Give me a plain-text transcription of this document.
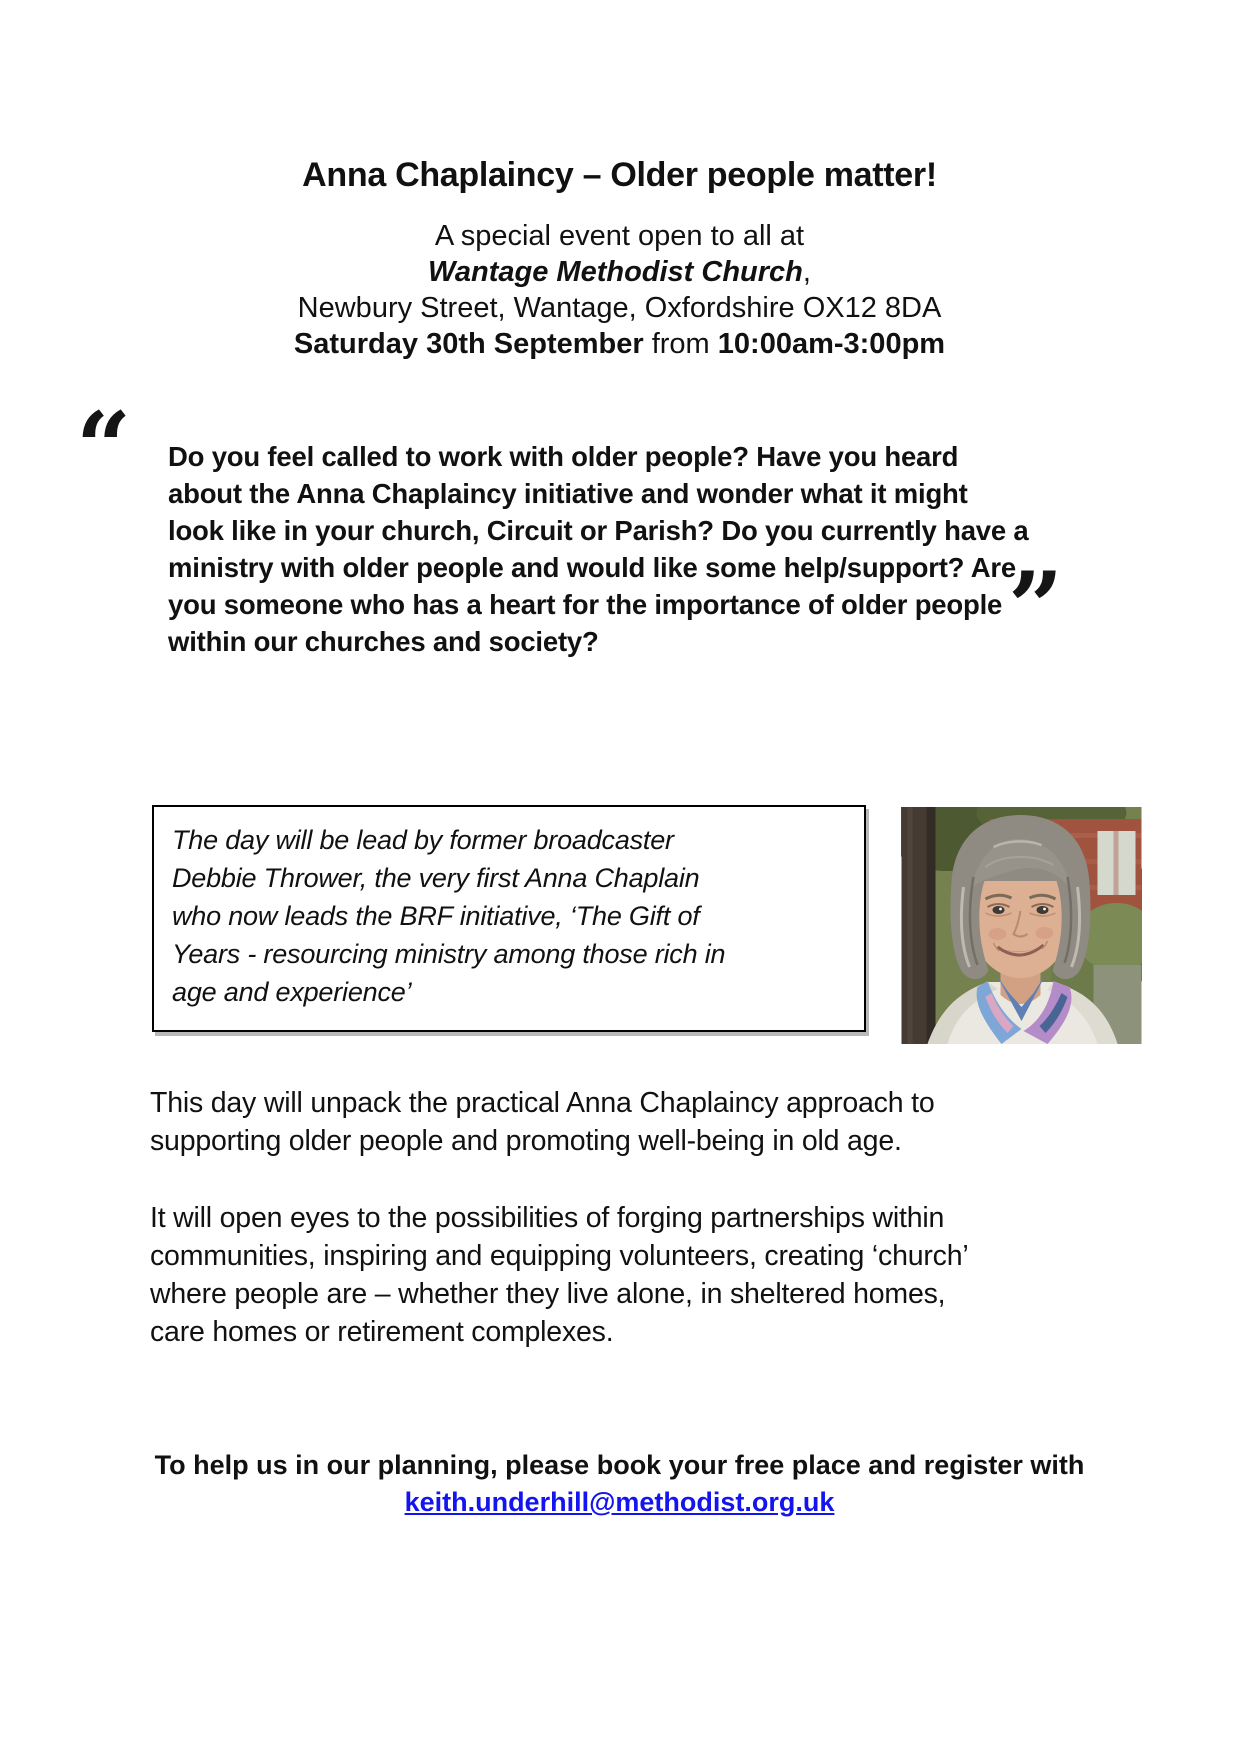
Anna Chaplaincy – Older people matter!
A special event open to all at
Wantage Methodist Church,
Newbury Street, Wantage, Oxfordshire OX12 8DA
Saturday 30th September from 10:00am-3:00pm
“ Do you feel called to work with older people? Have you heard
about the Anna Chaplaincy initiative and wonder what it might
look like in your church, Circuit or Parish? Do you currently have a
ministry with older people and would like some help/support? Are
you someone who has a heart for the importance of older people
within our churches and society?	”
The day will be lead by former broadcaster
Debbie Thrower, the very first Anna Chaplain
who now leads the BRF initiative, ‘The Gift of
Years - resourcing ministry among those rich in
age and experience’
This day will unpack the practical Anna Chaplaincy approach to
supporting older people and promoting well-being in old age.
It will open eyes to the possibilities of forging partnerships within
communities, inspiring and equipping volunteers, creating ‘church’
where people are – whether they live alone, in sheltered homes,
care homes or retirement complexes.
To help us in our planning, please book your free place and register with
keith.underhill@methodist.org.uk
